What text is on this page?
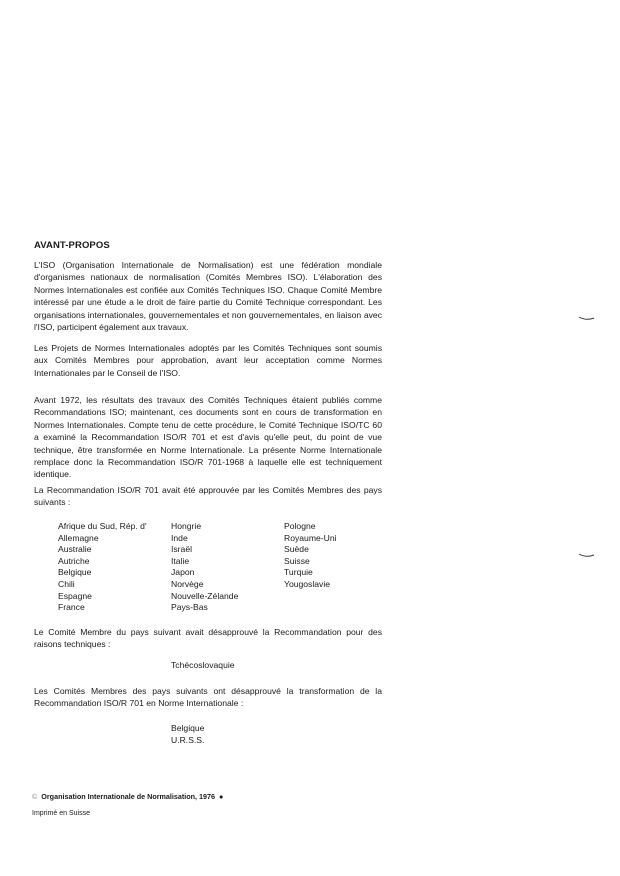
AVANT-PROPOS

L'ISO (Organisation Internationale de Normalisation) est une fédération mondiale d'organismes nationaux de normalisation (Comités Membres ISO). L'élaboration des Normes Internationales est confiée aux Comités Techniques ISO. Chaque Comité Membre intéressé par une étude a le droit de faire partie du Comité Technique correspondant. Les organisations internationales, gouvernementales et non gouvernementales, en liaison avec l'ISO, participent également aux travaux.

Les Projets de Normes Internationales adoptés par les Comités Techniques sont soumis aux Comités Membres pour approbation, avant leur acceptation comme Normes Internationales par le Conseil de l'ISO.

Avant 1972, les résultats des travaux des Comités Techniques étaient publiés comme Recommandations ISO; maintenant, ces documents sont en cours de transformation en Normes Internationales. Compte tenu de cette procédure, le Comité Technique ISO/TC 60 a examiné la Recommandation ISO/R 701 et est d'avis qu'elle peut, du point de vue technique, être transformée en Norme Internationale. La présente Norme Internationale remplace donc la Recommandation ISO/R 701-1968 à laquelle elle est techniquement identique.

La Recommandation ISO/R 701 avait été approuvée par les Comités Membres des pays suivants :

Afrique du Sud, Rép. d'
Allemagne
Australie
Autriche
Belgique
Chili
Espagne
France
Hongrie
Inde
Israël
Italie
Japon
Norvège
Nouvelle-Zélande
Pays-Bas
Pologne
Royaume-Uni
Suède
Suisse
Turquie
Yougoslavie

Le Comité Membre du pays suivant avait désapprouvé la Recommandation pour des raisons techniques :

Tchécoslovaquie

Les Comités Membres des pays suivants ont désapprouvé la transformation de la Recommandation ISO/R 701 en Norme Internationale :

Belgique
U.R.S.S.
© Organisation Internationale de Normalisation, 1976 ●
Imprimé en Suisse
